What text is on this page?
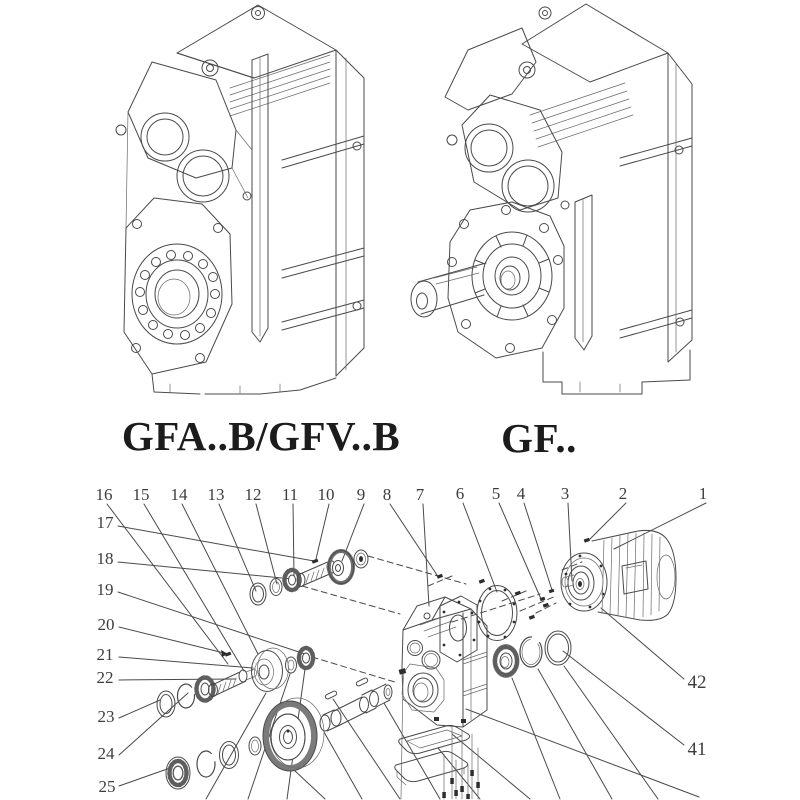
GFA..B/GFV..B GF..
16 15 14 13 12 11 10 9 8 7 6 5 4 3	2	1
17
18
19
20
21
22
23
24
25
42
41
